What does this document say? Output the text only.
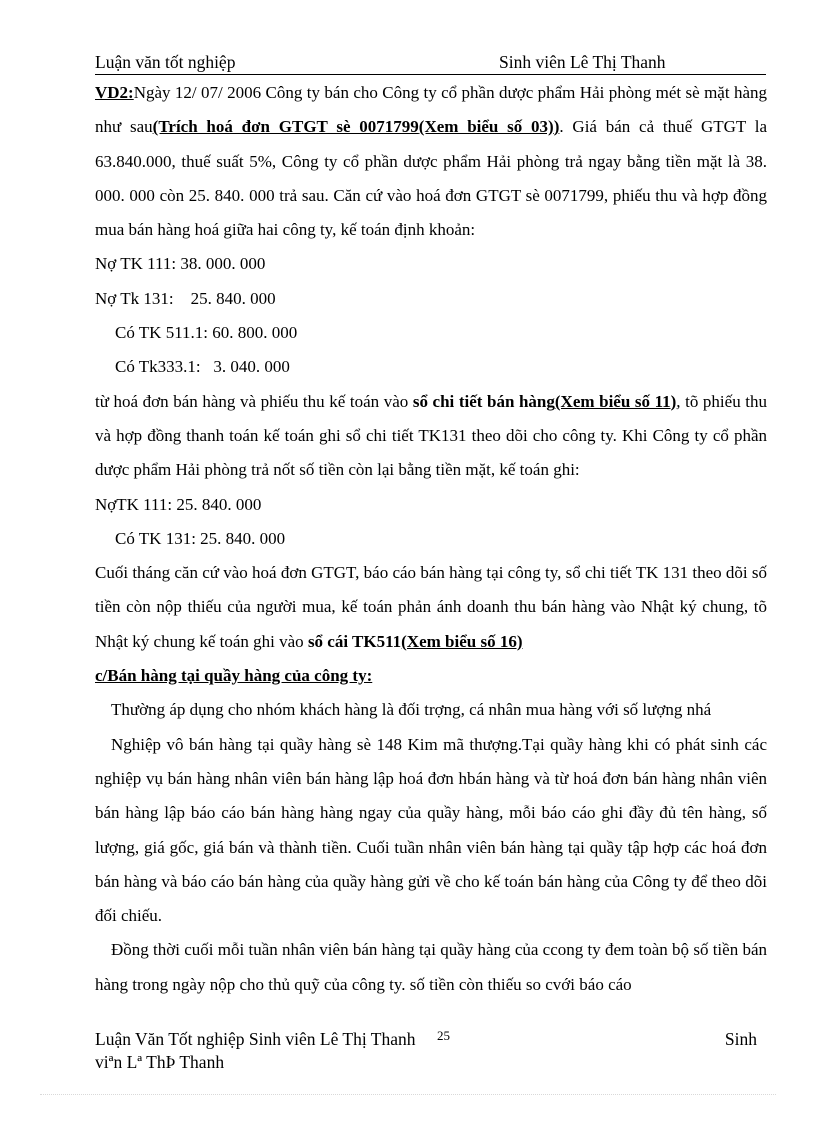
Luận văn tốt nghiệp	Sinh viên Lê Thị Thanh

VD2:Ngày 12/ 07/ 2006 Công ty bán cho Công ty cổ phần dược phẩm Hải phòng mét sè mặt hàng như sau(Trích hoá đơn GTGT sè 0071799(Xem biểu số 03)). Giá bán cả thuế GTGT la 63.840.000, thuế suất 5%, Công ty cổ phần dược phẩm Hải phòng trả ngay bằng tiền mặt là 38. 000. 000 còn 25. 840. 000 trả sau. Căn cứ vào hoá đơn GTGT sè 0071799, phiếu thu và hợp đồng mua bán hàng hoá giữa hai công ty, kế toán định khoản:

Nợ TK 111: 38. 000. 000

Nợ Tk 131:    25. 840. 000

Có TK 511.1: 60. 800. 000

Có Tk333.1:   3. 040. 000

từ hoá đơn bán hàng và phiếu thu kế toán vào sổ chi tiết bán hàng(Xem biểu số 11), tõ phiếu thu và hợp đồng thanh toán kế toán ghi sổ chi tiết TK131 theo dõi cho công ty. Khi Công ty cổ phần dược phẩm Hải phòng trả nốt số tiền còn lại bằng tiền mặt, kế toán ghi:

NợTK 111: 25. 840. 000

Có TK 131: 25. 840. 000

Cuối tháng căn cứ vào hoá đơn GTGT, báo cáo bán hàng tại công ty, sổ chi tiết TK 131 theo dõi số tiền còn nộp thiếu của người mua, kế toán phản ánh doanh thu bán hàng vào Nhật ký chung, tõ Nhật ký chung kế toán ghi vào sổ cái TK511(Xem biểu số 16)

c/Bán hàng tại quầy hàng của công ty:

Thường áp dụng cho nhóm khách hàng là đối trợng, cá nhân mua hàng với số lượng nhá

Nghiệp vô bán hàng tại quầy hàng sè 148 Kim mã thượng.Tại quầy hàng khi có phát sinh các nghiệp vụ bán hàng nhân viên bán hàng lập hoá đơn hbán hàng và từ hoá đơn bán hàng nhân viên bán hàng lập báo cáo bán hàng hàng ngay của quầy hàng, mỗi báo cáo ghi đầy đủ tên hàng, số lượng, giá gốc, giá bán và thành tiền. Cuối tuần nhân viên bán hàng tại quầy tập hợp các hoá đơn bán hàng và báo cáo bán hàng của quầy hàng gửi về cho kế toán bán hàng của Công ty để theo dõi đối chiếu.

Đồng thời cuối mỗi tuần nhân viên bán hàng tại quầy hàng của ccong ty đem toàn bộ số tiền bán hàng trong ngày nộp cho thủ quỹ của công ty. số tiền còn thiếu so cvới báo cáo

Luận Văn Tốt nghiệp Sinh viên Lê Thị Thanh 25	Sinh
viªn Lª ThÞ Thanh
